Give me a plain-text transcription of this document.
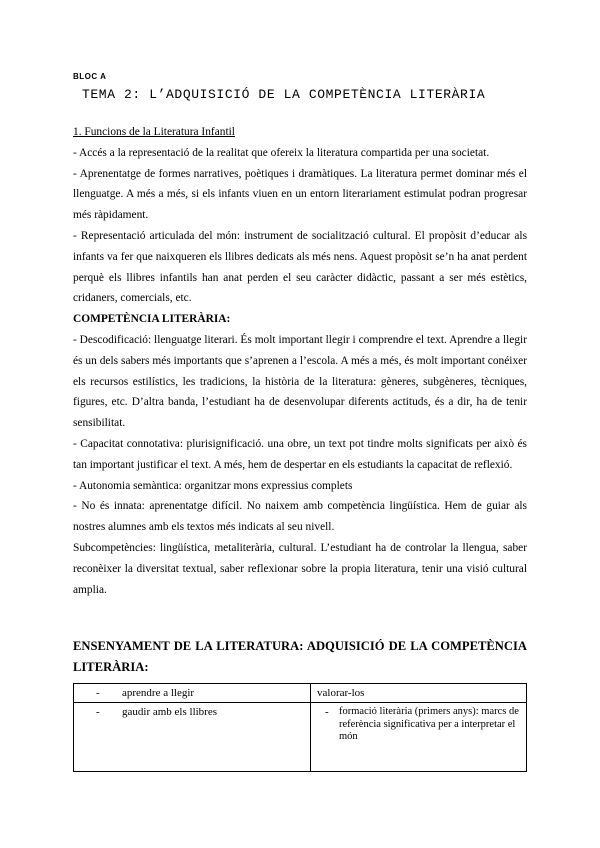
BLOC A
TEMA 2: L’ADQUISICIÓ DE LA COMPETÈNCIA LITERÀRIA

1. Funcions de la Literatura Infantil

- Accés a la representació de la realitat que ofereix la literatura compartida per una societat.

- Aprenentatge de formes narratives, poètiques i dramàtiques. La literatura permet dominar més el llenguatge. A més a més, si els infants viuen en un entorn literariament estimulat podran progresar més ràpidament.

- Representació articulada del món: instrument de socialització cultural. El propòsit d’educar als infants va fer que naixqueren els llibres dedicats als més nens. Aquest propòsit se’n ha anat perdent perquè els llibres infantils han anat perden el seu caràcter didàctic, passant a ser més estètics, cridaners, comercials, etc.

COMPETÈNCIA LITERÀRIA:

- Descodificació: llenguatge literari. És molt important llegir i comprendre el text. Aprendre a llegir és un dels sabers més importants que s’aprenen a l’escola. A més a més, és molt important conéixer els recursos estilístics, les tradicions, la història de la literatura: gèneres, subgèneres, tècniques, figures, etc. D’altra banda, l’estudiant ha de desenvolupar diferents actituds, és a dir, ha de tenir sensibilitat.

- Capacitat connotativa: plurisignificació. una obre, un text pot tindre molts significats per això és tan important justificar el text. A més, hem de despertar en els estudiants la capacitat de reflexió.

- Autonomia semàntica: organitzar mons expressius complets

- No és innata: aprenentatge difícil. No naixem amb competència lingüística. Hem de guiar als nostres alumnes amb els textos més indicats al seu nivell.

Subcompetències: lingüística, metaliterària, cultural. L’estudiant ha de controlar la llengua, saber reconèixer la diversitat textual, saber reflexionar sobre la propia literatura, tenir una visió cultural amplia.

ENSENYAMENT DE LA LITERATURA: ADQUISICIÓ DE LA COMPETÈNCIA LITERÀRIA:

- aprendre a llegir	valorar-los

- gaudir amb els llibres	- formació literària (primers anys): marcs de referència significativa per a interpretar el món
